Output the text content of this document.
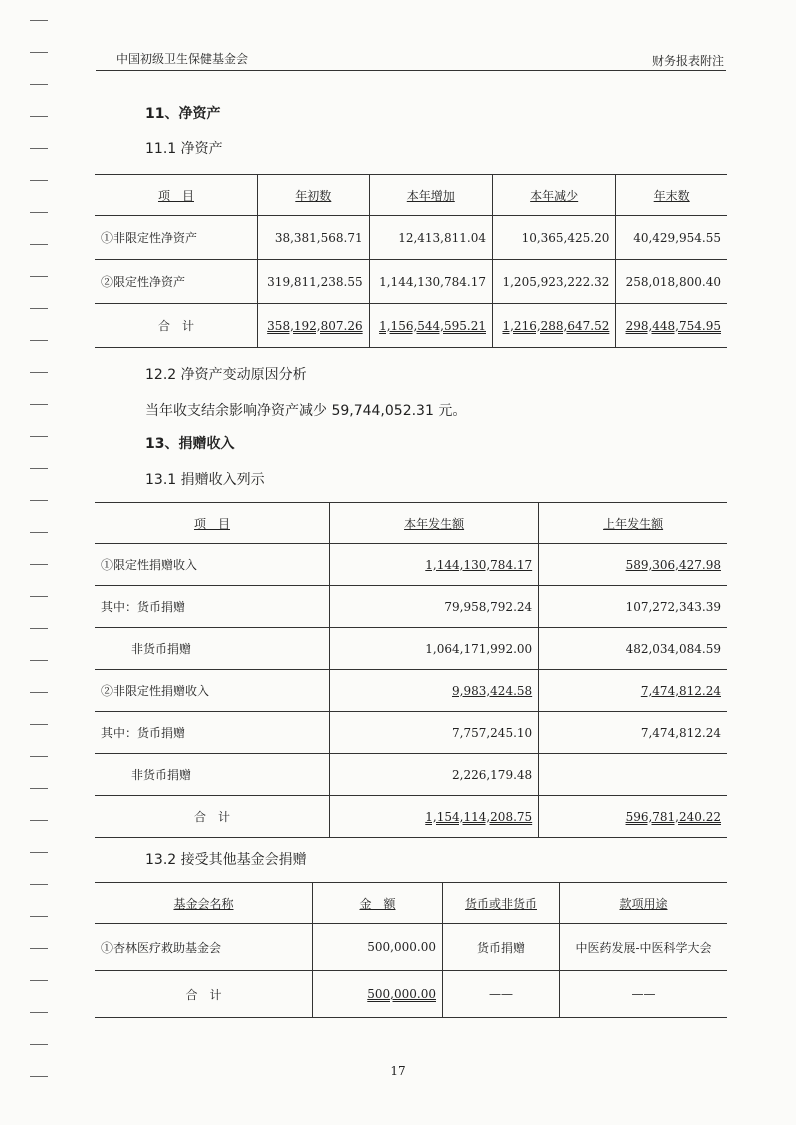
中国初级卫生保健基金会	财务报表附注
11、净资产
11.1 净资产
项　目	年初数	本年增加	本年减少	年末数
①非限定性净资产	38,381,568.71	12,413,811.04	10,365,425.20	40,429,954.55
②限定性净资产	319,811,238.55	1,144,130,784.17	1,205,923,222.32	258,018,800.40
合　计	358,192,807.26	1,156,544,595.21	1,216,288,647.52	298,448,754.95
12.2 净资产变动原因分析
当年收支结余影响净资产减少 59,744,052.31 元。
13、捐赠收入
13.1 捐赠收入列示
项　目	本年发生额	上年发生额
①限定性捐赠收入	1,144,130,784.17	589,306,427.98
其中：货币捐赠	79,958,792.24	107,272,343.39
非货币捐赠	1,064,171,992.00	482,034,084.59
②非限定性捐赠收入	9,983,424.58	7,474,812.24
其中：货币捐赠	7,757,245.10	7,474,812.24
非货币捐赠	2,226,179.48	
合　计	1,154,114,208.75	596,781,240.22
13.2 接受其他基金会捐赠
基金会名称	金　额	货币或非货币	款项用途
①杏林医疗救助基金会	500,000.00	货币捐赠	中医药发展-中医科学大会
合　计	500,000.00	——	——
17
